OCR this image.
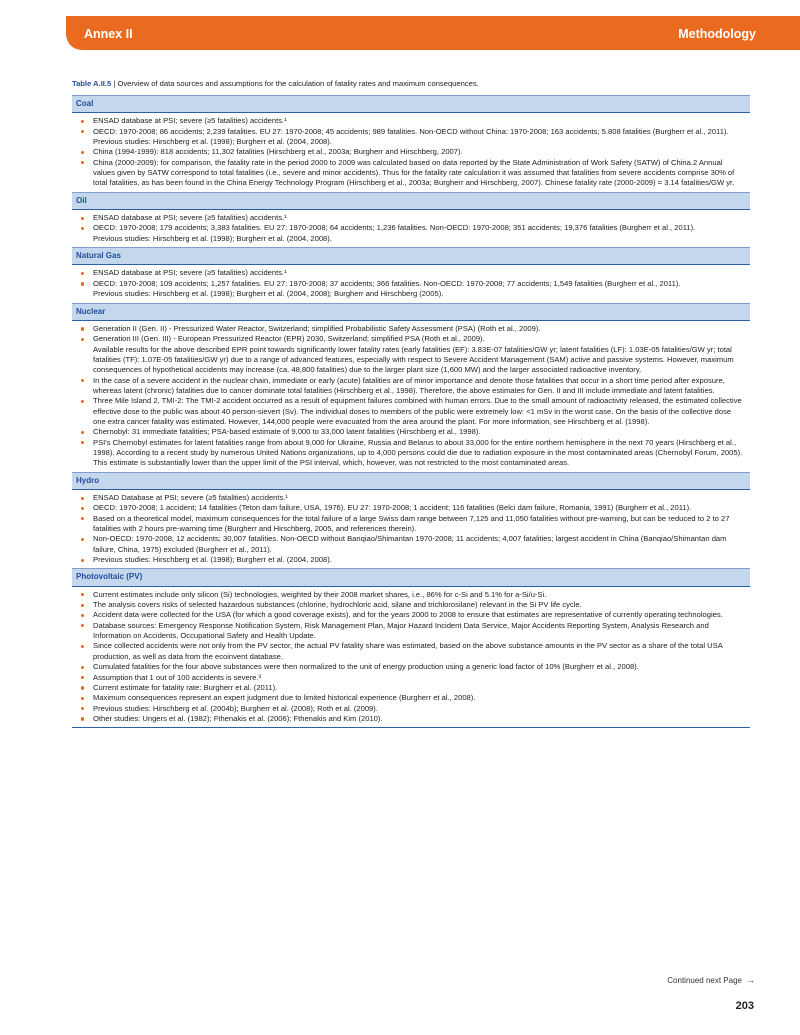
Annex II	Methodology
Table A.II.5 | Overview of data sources and assumptions for the calculation of fatality rates and maximum consequences.
Coal
ENSAD database at PSI; severe (≥5 fatalities) accidents.¹
OECD: 1970-2008; 86 accidents; 2,239 fatalities. EU 27: 1970-2008; 45 accidents; 989 fatalities. Non-OECD without China: 1970-2008; 163 accidents; 5.808 fatalities (Burgherr et al., 2011).
Previous studies: Hirschberg et al. (1998); Burgherr et al. (2004, 2008).
China (1994-1999): 818 accidents; 11,302 fatalities (Hirschberg et al., 2003a; Burgherr and Hirschberg, 2007).
China (2000-2009): for comparison, the fatality rate in the period 2000 to 2009 was calculated based on data reported by the State Administration of Work Safety (SATW) of China.2 Annual values given by SATW correspond to total fatalities (i.e., severe and minor accidents). Thus for the fatality rate calculation it was assumed that fatalities from severe accidents comprise 30% of total fatalities, as has been found in the China Energy Technology Program (Hirschberg et al., 2003a; Burgherr and Hirschberg, 2007). Chinese fatality rate (2000-2009) = 3.14 fatalities/GW yr.
Oil
ENSAD database at PSI; severe (≥5 fatalities) accidents.¹
OECD: 1970-2008; 179 accidents; 3,383 fatalities. EU 27: 1970-2008; 64 accidents; 1,236 fatalities. Non-OECD: 1970-2008; 351 accidents; 19,376 fatalities (Burgherr et al., 2011).
Previous studies: Hirschberg et al. (1998); Burgherr et al. (2004, 2008).
Natural Gas
ENSAD database at PSI; severe (≥5 fatalities) accidents.¹
OECD: 1970-2008; 109 accidents; 1,257 fatalities. EU 27: 1970-2008; 37 accidents; 366 fatalities. Non-OECD: 1970-2008; 77 accidents; 1,549 fatalities (Burgherr et al., 2011).
Previous studies: Hirschberg et al. (1998); Burgherr et al. (2004, 2008); Burgherr and Hirschberg (2005).
Nuclear
Generation II (Gen. II) - Pressurized Water Reactor, Switzerland; simplified Probabilistic Safety Assessment (PSA) (Roth et al., 2009).
Generation III (Gen. III) - European Pressurized Reactor (EPR) 2030, Switzerland; simplified PSA (Roth et al., 2009).
Available results for the above described EPR point towards significantly lower fatality rates (early fatalities (EF): 3.83E-07 fatalities/GW yr; latent fatalities (LF): 1.03E-05 fatalities/GW yr; total fatalities (TF): 1.07E-05 fatalities/GW yr) due to a range of advanced features, especially with respect to Severe Accident Management (SAM) active and passive systems. However, maximum consequences of hypothetical accidents may increase (ca. 48,800 fatalities) due to the larger plant size (1,600 MW) and the larger associated radioactive inventory.
In the case of a severe accident in the nuclear chain, immediate or early (acute) fatalities are of minor importance and denote those fatalities that occur in a short time period after exposure, whereas latent (chronic) fatalities due to cancer dominate total fatalities (Hirschberg et al., 1998). Therefore, the above estimates for Gen. II and III include immediate and latent fatalities.
Three Mile Island 2, TMI-2: The TMI-2 accident occurred as a result of equipment failures combined with human errors. Due to the small amount of radioactivity released, the estimated collective effective dose to the public was about 40 person-sievert (Sv). The individual doses to members of the public were extremely low: <1 mSv in the worst case. On the basis of the collective dose one extra cancer fatality was estimated. However, 144,000 people were evacuated from the area around the plant. For more information, see Hirschberg et al. (1998).
Chernobyl: 31 immediate fatalities; PSA-based estimate of 9,000 to 33,000 latent fatalities (Hirschberg et al., 1998).
PSI's Chernobyl estimates for latent fatalities range from about 9,000 for Ukraine, Russia and Belarus to about 33,000 for the entire northern hemisphere in the next 70 years (Hirschberg et al., 1998). According to a recent study by numerous United Nations organizations, up to 4,000 persons could die due to radiation exposure in the most contaminated areas (Chernobyl Forum, 2005). This estimate is substantially lower than the upper limit of the PSI interval, which, however, was not restricted to the most contaminated areas.
Hydro
ENSAD Database at PSI; severe (≥5 fatalities) accidents.¹
OECD: 1970-2008; 1 accident; 14 fatalities (Teton dam failure, USA, 1976). EU 27: 1970-2008; 1 accident; 116 fatalities (Belci dam failure, Romania, 1991) (Burgherr et al., 2011).
Based on a theoretical model, maximum consequences for the total failure of a large Swiss dam range between 7,125 and 11,050 fatalities without pre-warning, but can be reduced to 2 to 27 fatalities with 2 hours pre-warning time (Burgherr and Hirschberg, 2005, and references therein).
Non-OECD: 1970-2008; 12 accidents; 30,007 fatalities. Non-OECD without Banqiao/Shimantan 1970-2008; 11 accidents; 4,007 fatalities; largest accident in China (Banqiao/Shimantan dam failure, China, 1975) excluded (Burgherr et al., 2011).
Previous studies: Hirschberg et al. (1998); Burgherr et al. (2004, 2008).
Photovoltaic (PV)
Current estimates include only silicon (Si) technologies, weighted by their 2008 market shares, i.e., 86% for c-Si and 5.1% for a-Si/u-Si.
The analysis covers risks of selected hazardous substances (chlorine, hydrochloric acid, silane and trichlorosilane) relevant in the Si PV life cycle.
Accident data were collected for the USA (for which a good coverage exists), and for the years 2000 to 2008 to ensure that estimates are representative of currently operating technologies.
Database sources: Emergency Response Notification System, Risk Management Plan, Major Hazard Incident Data Service, Major Accidents Reporting System, Analysis Research and Information on Accidents, Occupational Safety and Health Update.
Since collected accidents were not only from the PV sector, the actual PV fatality share was estimated, based on the above substance amounts in the PV sector as a share of the total USA production, as well as data from the ecoinvent database.
Cumulated fatalities for the four above substances were then normalized to the unit of energy production using a generic load factor of 10% (Burgherr et al., 2008).
Assumption that 1 out of 100 accidents is severe.³
Current estimate for fatality rate: Burgherr et al. (2011).
Maximum consequences represent an expert judgment due to limited historical experience (Burgherr et al., 2008).
Previous studies: Hirschberg et al. (2004b); Burgherr et al. (2008); Roth et al. (2009).
Other studies: Ungers et al. (1982); Fthenakis et al. (2006); Fthenakis and Kim (2010).
Continued next Page →
203
